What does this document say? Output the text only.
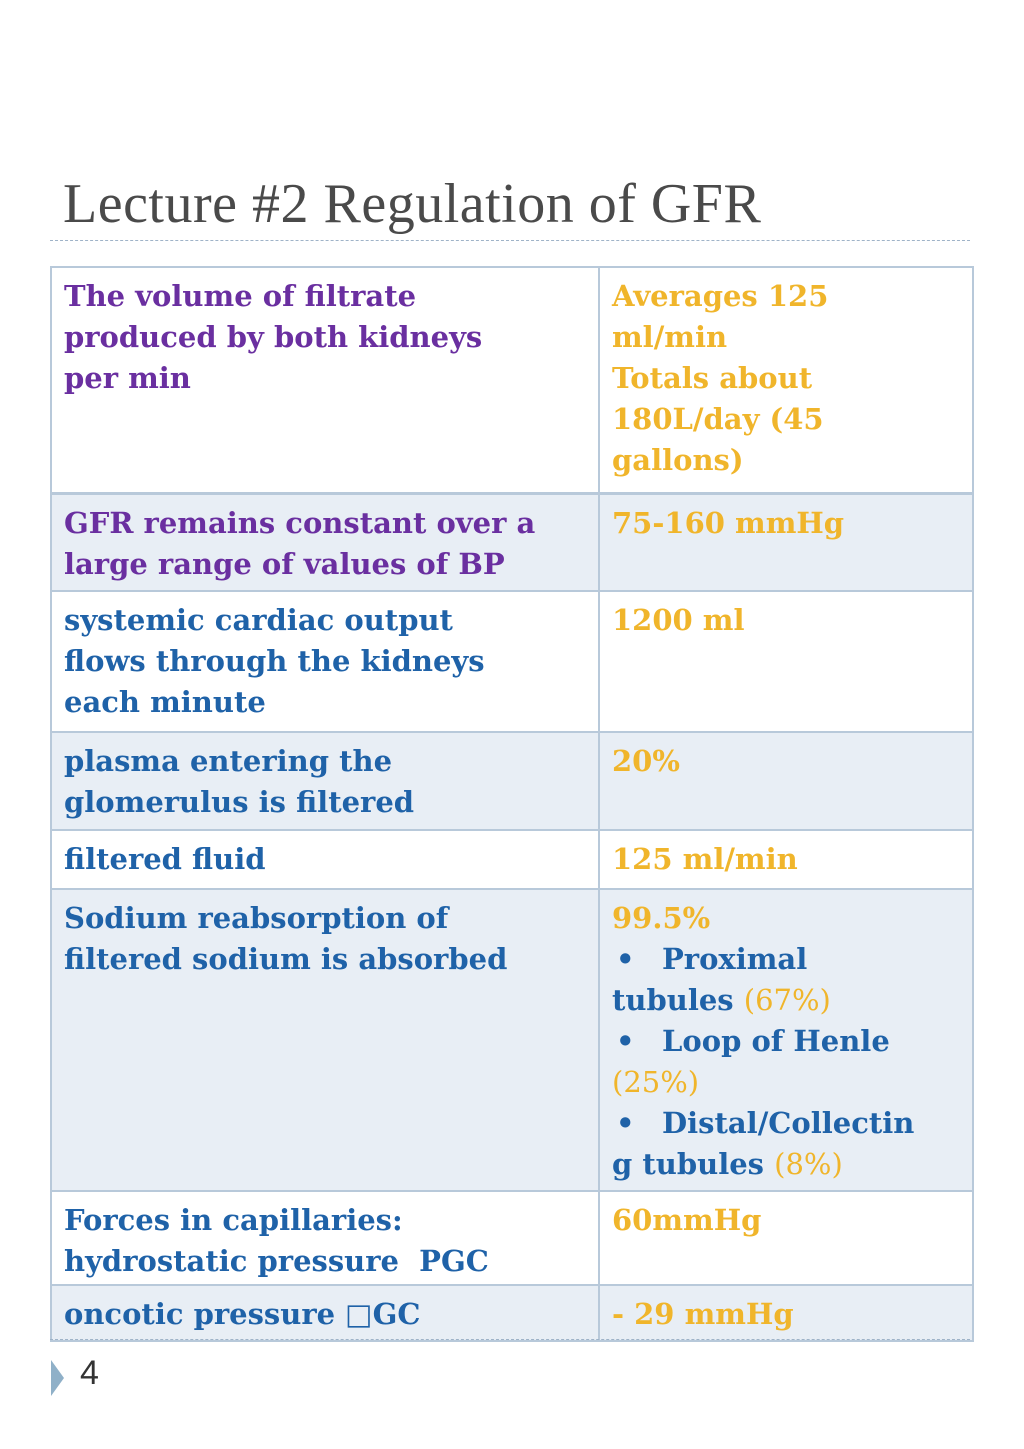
Lecture #2 Regulation of GFR
The volume of filtrate produced by both kidneys per min
Averages 125
ml/min
Totals about
180L/day (45
gallons)
GFR remains constant over a large range of values of BP
75-160 mmHg
systemic cardiac output flows through the kidneys each minute
1200 ml
plasma entering the glomerulus is filtered
20%
filtered fluid	125 ml/min
Sodium reabsorption of filtered sodium is absorbed
99.5%
• Proximal
tubules (67%)
• Loop of Henle
(25%)
• Distal/Collectin
g tubules (8%)
Forces in capillaries:
hydrostatic pressure  PGC
60mmHg
oncotic pressure □GC	- 29 mmHg
4
